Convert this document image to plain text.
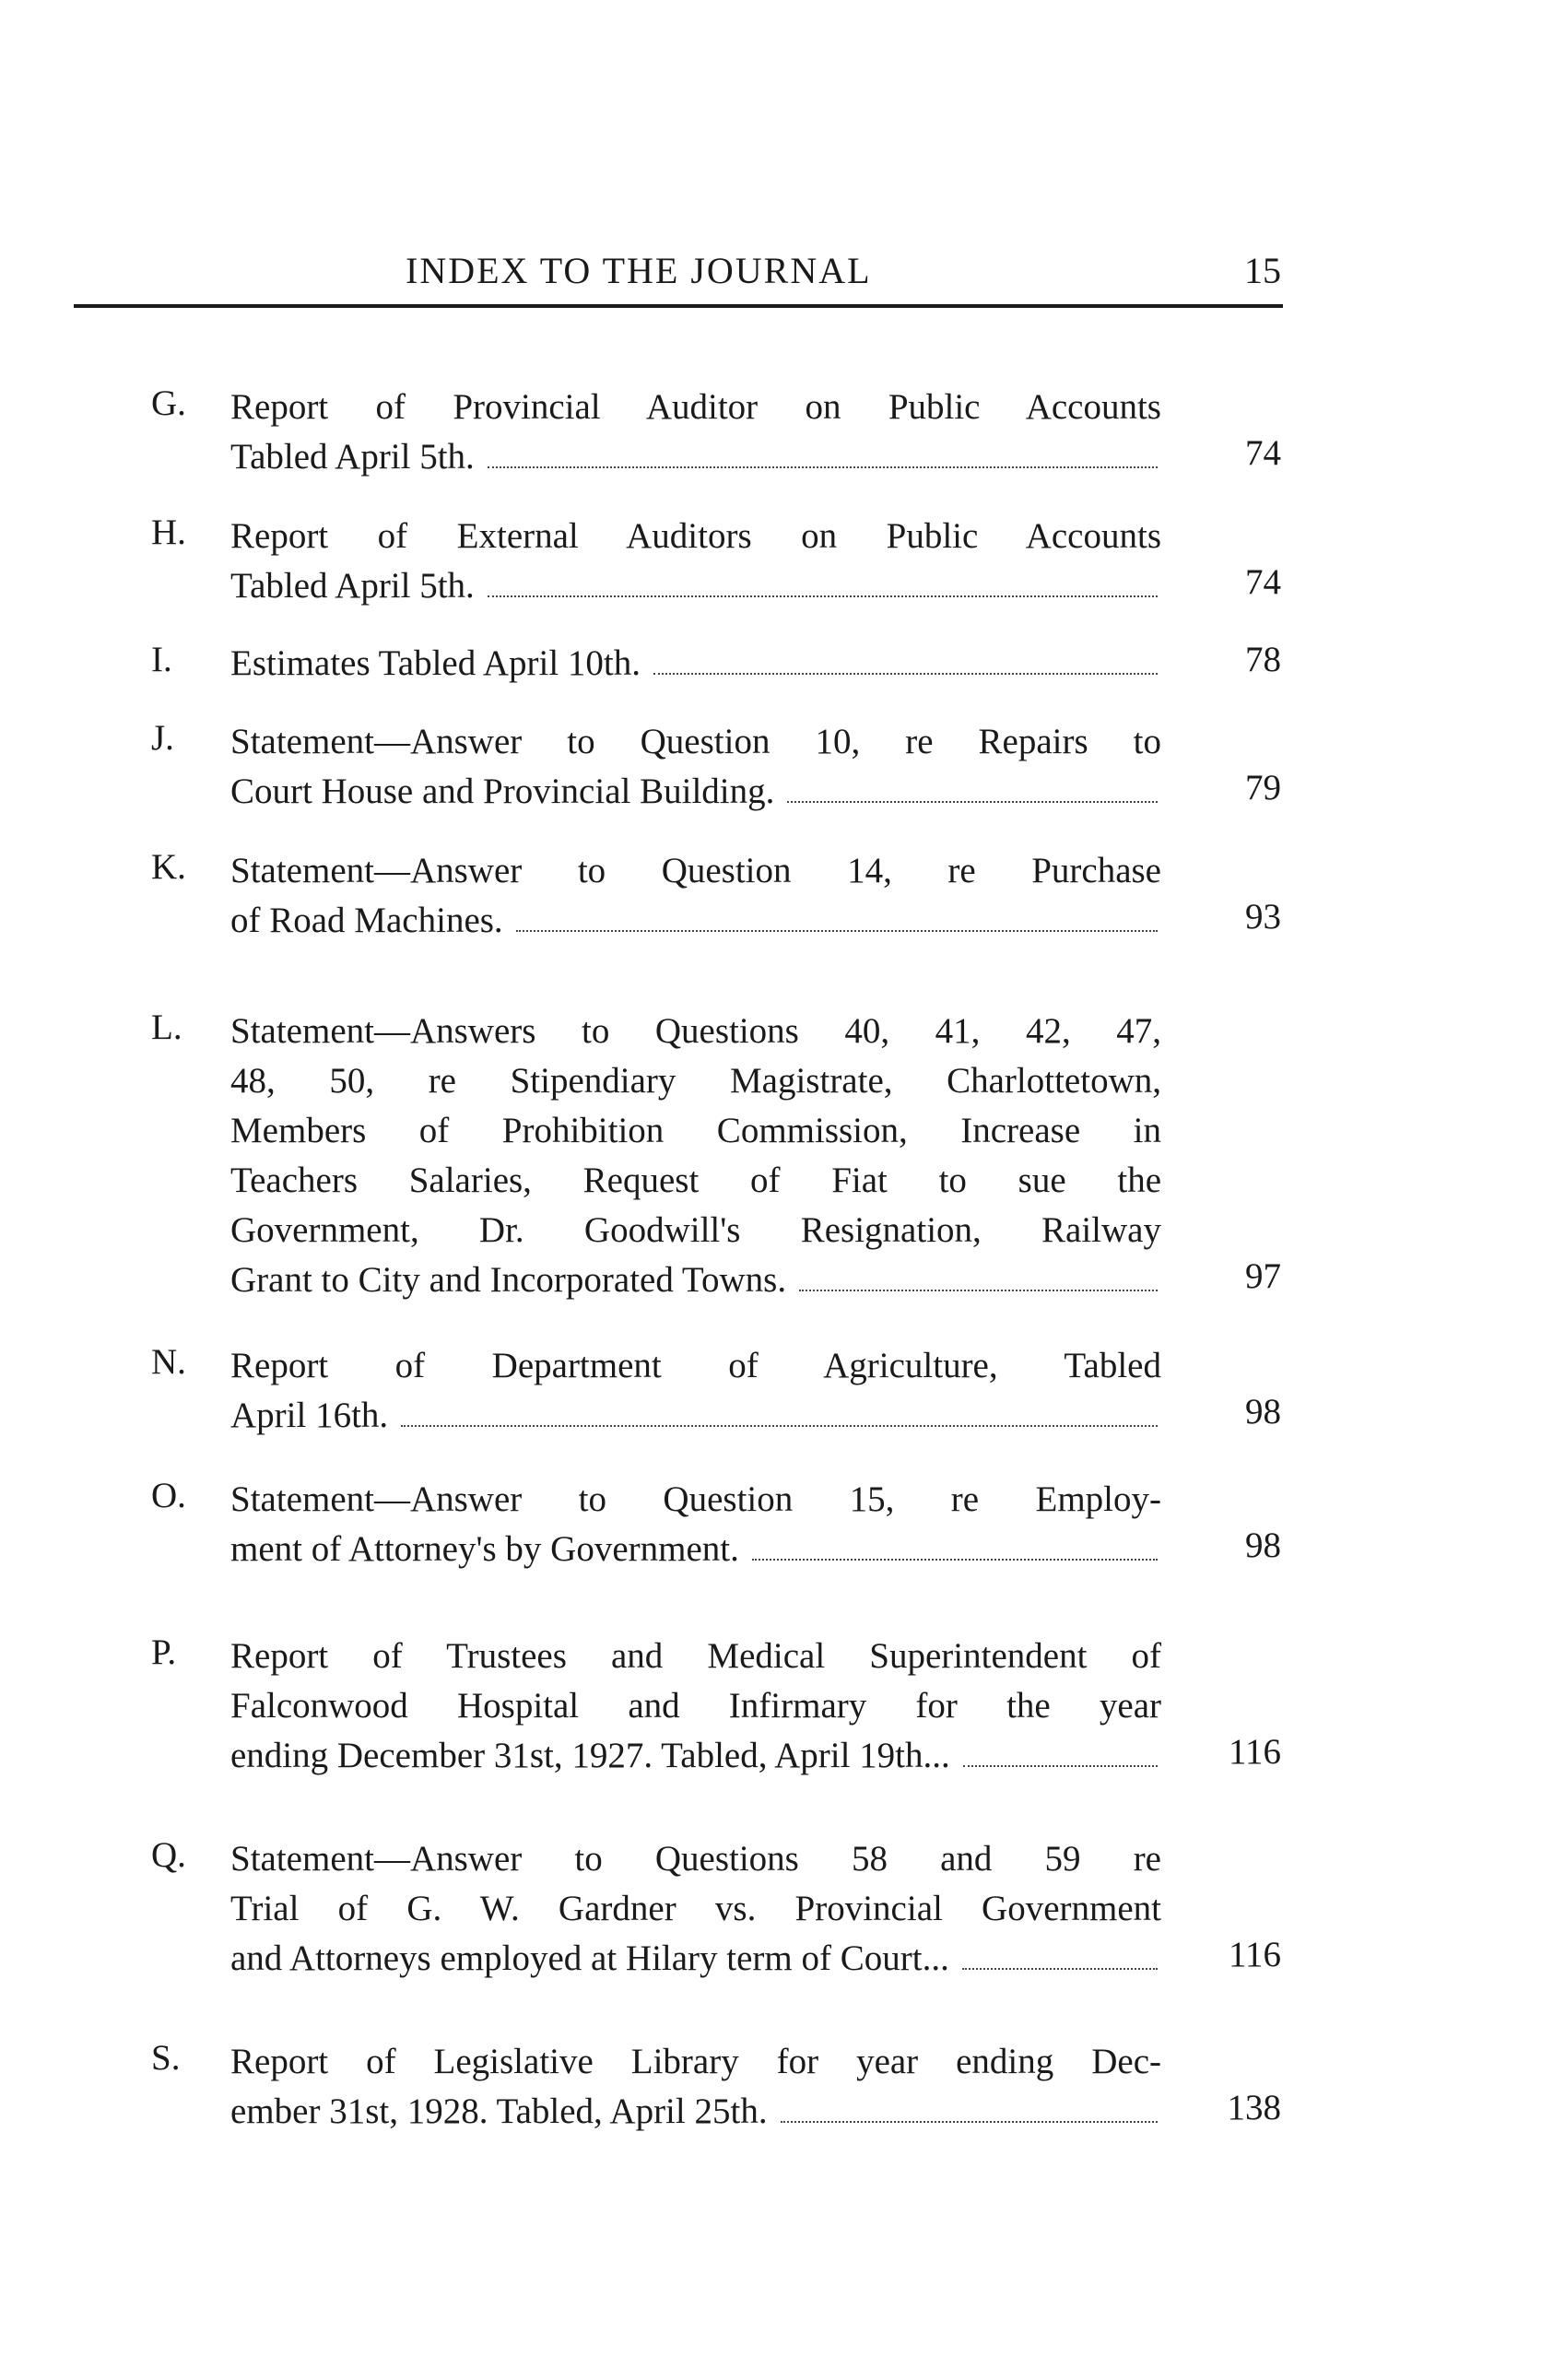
INDEX TO THE JOURNAL	15
G. Report of Provincial Auditor on Public Accounts
Tabled April 5th.	74
H. Report of External Auditors on Public Accounts
Tabled April 5th.	74
I. Estimates Tabled April 10th.	78
J. Statement—Answer to Question 10, re Repairs to
Court House and Provincial Building.	79
K. Statement—Answer to Question 14, re Purchase
of Road Machines.	93
L. Statement—Answers to Questions 40, 41, 42, 47,
48, 50, re Stipendiary Magistrate, Charlottetown,
Members of Prohibition Commission, Increase in
Teachers Salaries, Request of Fiat to sue the
Government, Dr. Goodwill's Resignation, Railway
Grant to City and Incorporated Towns.	97
N. Report of Department of Agriculture, Tabled
April 16th.	98
O. Statement—Answer to Question 15, re Employ-
ment of Attorney's by Government.	98
P. Report of Trustees and Medical Superintendent of
Falconwood Hospital and Infirmary for the year
ending December 31st, 1927. Tabled, April 19th...	116
Q. Statement—Answer to Questions 58 and 59 re
Trial of G. W. Gardner vs. Provincial Government
and Attorneys employed at Hilary term of Court...	116
S. Report of Legislative Library for year ending Dec-
ember 31st, 1928. Tabled, April 25th.	138
